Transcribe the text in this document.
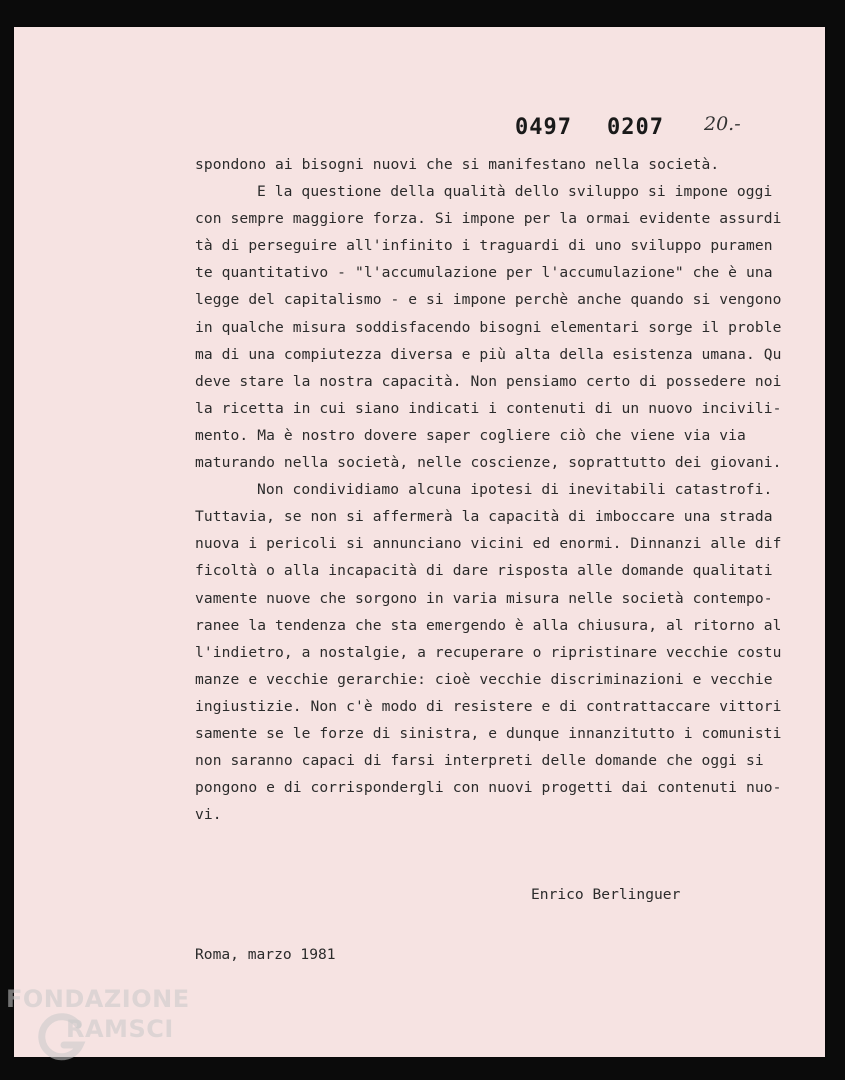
0497 0207 20.-
spondono ai bisogni nuovi che si manifestano nella società.
E la questione della qualità dello sviluppo si impone oggi
con sempre maggiore forza. Si impone per la ormai evidente assurdi
tà di perseguire all'infinito i traguardi di uno sviluppo puramen
te quantitativo - "l'accumulazione per l'accumulazione" che è una
legge del capitalismo - e si impone perchè anche quando si vengono
in qualche misura soddisfacendo bisogni elementari sorge il proble
ma di una compiutezza diversa e più alta della esistenza umana. Qu
deve stare la nostra capacità. Non pensiamo certo di possedere noi
la ricetta in cui siano indicati i contenuti di un nuovo incivili-
mento. Ma è nostro dovere saper cogliere ciò che viene via via
maturando nella società, nelle coscienze, soprattutto dei giovani.
Non condividiamo alcuna ipotesi di inevitabili catastrofi.
Tuttavia, se non si affermerà la capacità di imboccare una strada
nuova i pericoli si annunciano vicini ed enormi. Dinnanzi alle dif
ficoltà o alla incapacità di dare risposta alle domande qualitati
vamente nuove che sorgono in varia misura nelle società contempo-
ranee la tendenza che sta emergendo è alla chiusura, al ritorno al
l'indietro, a nostalgie, a recuperare o ripristinare vecchie costu
manze e vecchie gerarchie: cioè vecchie discriminazioni e vecchie
ingiustizie. Non c'è modo di resistere e di contrattaccare vittori
samente se le forze di sinistra, e dunque innanzitutto i comunisti
non saranno capaci di farsi interpreti delle domande che oggi si
pongono e di corrispondergli con nuovi progetti dai contenuti nuo-
vi.
Enrico Berlinguer
Roma, marzo 1981
FONDAZIONE
RAMSCI
